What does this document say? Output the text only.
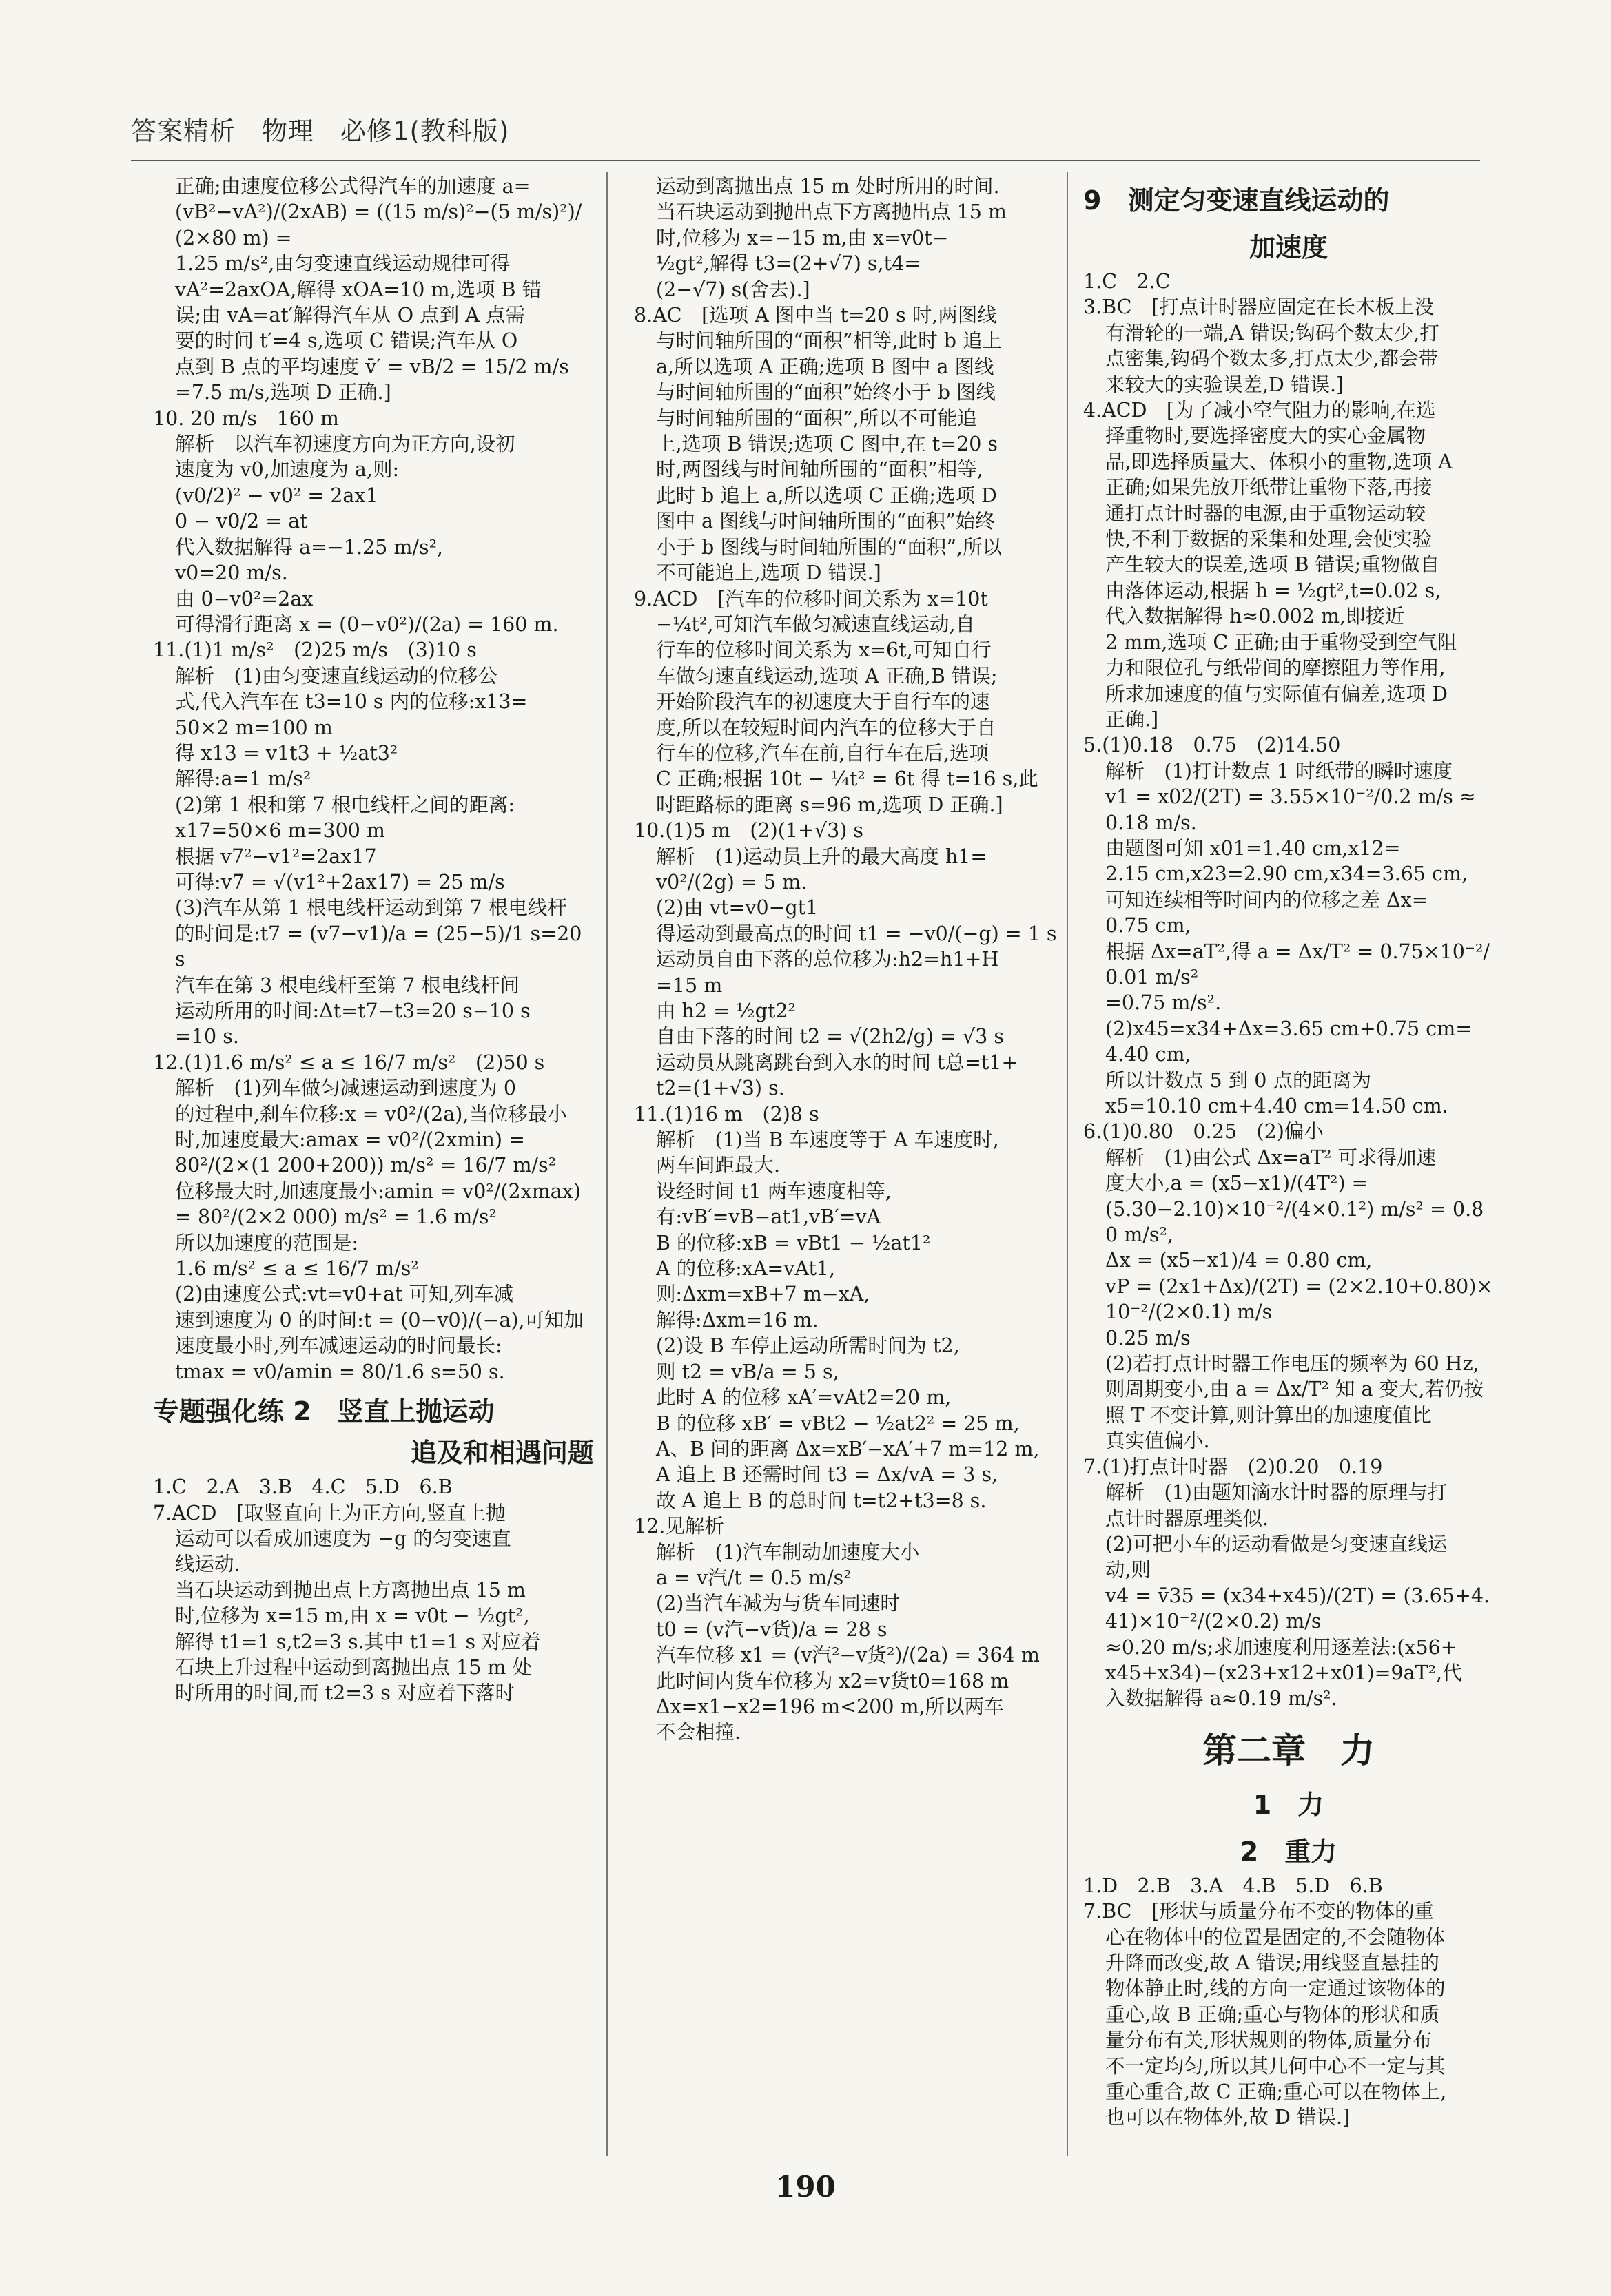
答案精析　物理　必修1(教科版)
正确;由速度位移公式得汽车的加速度 a=
(vB²−vA²)/(2xAB) = ((15 m/s)²−(5 m/s)²)/(2×80 m) =
1.25 m/s²,由匀变速直线运动规律可得
vA²=2axOA,解得 xOA=10 m,选项 B 错
误;由 vA=at′解得汽车从 O 点到 A 点需
要的时间 t′=4 s,选项 C 错误;汽车从 O
点到 B 点的平均速度 v̄′ = vB/2 = 15/2 m/s
=7.5 m/s,选项 D 正确.]
10. 20 m/s　160 m
解析　以汽车初速度方向为正方向,设初
速度为 v0,加速度为 a,则:
(v0/2)² − v0² = 2ax1
0 − v0/2 = at
代入数据解得 a=−1.25 m/s²,
v0=20 m/s.
由 0−v0²=2ax
可得滑行距离 x = (0−v0²)/(2a) = 160 m.
11.(1)1 m/s²　(2)25 m/s　(3)10 s
解析　(1)由匀变速直线运动的位移公
式,代入汽车在 t3=10 s 内的位移:x13=
50×2 m=100 m
得 x13 = v1t3 + ½at3²
解得:a=1 m/s²
(2)第 1 根和第 7 根电线杆之间的距离:
x17=50×6 m=300 m
根据 v7²−v1²=2ax17
可得:v7 = √(v1²+2ax17) = 25 m/s
(3)汽车从第 1 根电线杆运动到第 7 根电线杆
的时间是:t7 = (v7−v1)/a = (25−5)/1 s=20 s
汽车在第 3 根电线杆至第 7 根电线杆间
运动所用的时间:Δt=t7−t3=20 s−10 s
=10 s.
12.(1)1.6 m/s² ≤ a ≤ 16/7 m/s²　(2)50 s
解析　(1)列车做匀减速运动到速度为 0
的过程中,刹车位移:x = v0²/(2a),当位移最小
时,加速度最大:amax = v0²/(2xmin) =
80²/(2×(1 200+200)) m/s² = 16/7 m/s²
位移最大时,加速度最小:amin = v0²/(2xmax)
= 80²/(2×2 000) m/s² = 1.6 m/s²
所以加速度的范围是:
1.6 m/s² ≤ a ≤ 16/7 m/s²
(2)由速度公式:vt=v0+at 可知,列车减
速到速度为 0 的时间:t = (0−v0)/(−a),可知加
速度最小时,列车减速运动的时间最长:
tmax = v0/amin = 80/1.6 s=50 s.
专题强化练 2　竖直上抛运动
追及和相遇问题
1.C　2.A　3.B　4.C　5.D　6.B
7.ACD　[取竖直向上为正方向,竖直上抛
运动可以看成加速度为 −g 的匀变速直
线运动.
当石块运动到抛出点上方离抛出点 15 m
时,位移为 x=15 m,由 x = v0t − ½gt²,
解得 t1=1 s,t2=3 s.其中 t1=1 s 对应着
石块上升过程中运动到离抛出点 15 m 处
时所用的时间,而 t2=3 s 对应着下落时
运动到离抛出点 15 m 处时所用的时间.
当石块运动到抛出点下方离抛出点 15 m
时,位移为 x=−15 m,由 x=v0t−
½gt²,解得 t3=(2+√7) s,t4=
(2−√7) s(舍去).]
8.AC　[选项 A 图中当 t=20 s 时,两图线
与时间轴所围的“面积”相等,此时 b 追上
a,所以选项 A 正确;选项 B 图中 a 图线
与时间轴所围的“面积”始终小于 b 图线
与时间轴所围的“面积”,所以不可能追
上,选项 B 错误;选项 C 图中,在 t=20 s
时,两图线与时间轴所围的“面积”相等,
此时 b 追上 a,所以选项 C 正确;选项 D
图中 a 图线与时间轴所围的“面积”始终
小于 b 图线与时间轴所围的“面积”,所以
不可能追上,选项 D 错误.]
9.ACD　[汽车的位移时间关系为 x=10t
−¼t²,可知汽车做匀减速直线运动,自
行车的位移时间关系为 x=6t,可知自行
车做匀速直线运动,选项 A 正确,B 错误;
开始阶段汽车的初速度大于自行车的速
度,所以在较短时间内汽车的位移大于自
行车的位移,汽车在前,自行车在后,选项
C 正确;根据 10t − ¼t² = 6t 得 t=16 s,此
时距路标的距离 s=96 m,选项 D 正确.]
10.(1)5 m　(2)(1+√3) s
解析　(1)运动员上升的最大高度 h1=
v0²/(2g) = 5 m.
(2)由 vt=v0−gt1
得运动到最高点的时间 t1 = −v0/(−g) = 1 s
运动员自由下落的总位移为:h2=h1+H
=15 m
由 h2 = ½gt2²
自由下落的时间 t2 = √(2h2/g) = √3 s
运动员从跳离跳台到入水的时间 t总=t1+
t2=(1+√3) s.
11.(1)16 m　(2)8 s
解析　(1)当 B 车速度等于 A 车速度时,
两车间距最大.
设经时间 t1 两车速度相等,
有:vB′=vB−at1,vB′=vA
B 的位移:xB = vBt1 − ½at1²
A 的位移:xA=vAt1,
则:Δxm=xB+7 m−xA,
解得:Δxm=16 m.
(2)设 B 车停止运动所需时间为 t2,
则 t2 = vB/a = 5 s,
此时 A 的位移 xA′=vAt2=20 m,
B 的位移 xB′ = vBt2 − ½at2² = 25 m,
A、B 间的距离 Δx=xB′−xA′+7 m=12 m,
A 追上 B 还需时间 t3 = Δx/vA = 3 s,
故 A 追上 B 的总时间 t=t2+t3=8 s.
12.见解析
解析　(1)汽车制动加速度大小
a = v汽/t = 0.5 m/s²
(2)当汽车减为与货车同速时
t0 = (v汽−v货)/a = 28 s
汽车位移 x1 = (v汽²−v货²)/(2a) = 364 m
此时间内货车位移为 x2=v货t0=168 m
Δx=x1−x2=196 m<200 m,所以两车
不会相撞.
9　测定匀变速直线运动的
加速度
1.C　2.C
3.BC　[打点计时器应固定在长木板上没
有滑轮的一端,A 错误;钩码个数太少,打
点密集,钩码个数太多,打点太少,都会带
来较大的实验误差,D 错误.]
4.ACD　[为了减小空气阻力的影响,在选
择重物时,要选择密度大的实心金属物
品,即选择质量大、体积小的重物,选项 A
正确;如果先放开纸带让重物下落,再接
通打点计时器的电源,由于重物运动较
快,不利于数据的采集和处理,会使实验
产生较大的误差,选项 B 错误;重物做自
由落体运动,根据 h = ½gt²,t=0.02 s,
代入数据解得 h≈0.002 m,即接近
2 mm,选项 C 正确;由于重物受到空气阻
力和限位孔与纸带间的摩擦阻力等作用,
所求加速度的值与实际值有偏差,选项 D
正确.]
5.(1)0.18　0.75　(2)14.50
解析　(1)打计数点 1 时纸带的瞬时速度
v1 = x02/(2T) = 3.55×10⁻²/0.2 m/s ≈ 0.18 m/s.
由题图可知 x01=1.40 cm,x12=
2.15 cm,x23=2.90 cm,x34=3.65 cm,
可知连续相等时间内的位移之差 Δx=
0.75 cm,
根据 Δx=aT²,得 a = Δx/T² = 0.75×10⁻²/0.01 m/s²
=0.75 m/s².
(2)x45=x34+Δx=3.65 cm+0.75 cm=
4.40 cm,
所以计数点 5 到 0 点的距离为
x5=10.10 cm+4.40 cm=14.50 cm.
6.(1)0.80　0.25　(2)偏小
解析　(1)由公式 Δx=aT² 可求得加速
度大小,a = (x5−x1)/(4T²) =
(5.30−2.10)×10⁻²/(4×0.1²) m/s² = 0.80 m/s²,
Δx = (x5−x1)/4 = 0.80 cm,
vP = (2x1+Δx)/(2T) = (2×2.10+0.80)×10⁻²/(2×0.1) m/s
0.25 m/s
(2)若打点计时器工作电压的频率为 60 Hz,
则周期变小,由 a = Δx/T² 知 a 变大,若仍按
照 T 不变计算,则计算出的加速度值比
真实值偏小.
7.(1)打点计时器　(2)0.20　0.19
解析　(1)由题知滴水计时器的原理与打
点计时器原理类似.
(2)可把小车的运动看做是匀变速直线运
动,则
v4 = v̄35 = (x34+x45)/(2T) = (3.65+4.41)×10⁻²/(2×0.2) m/s
≈0.20 m/s;求加速度利用逐差法:(x56+
x45+x34)−(x23+x12+x01)=9aT²,代
入数据解得 a≈0.19 m/s².
第二章　力
1　力
2　重力
1.D　2.B　3.A　4.B　5.D　6.B
7.BC　[形状与质量分布不变的物体的重
心在物体中的位置是固定的,不会随物体
升降而改变,故 A 错误;用线竖直悬挂的
物体静止时,线的方向一定通过该物体的
重心,故 B 正确;重心与物体的形状和质
量分布有关,形状规则的物体,质量分布
不一定均匀,所以其几何中心不一定与其
重心重合,故 C 正确;重心可以在物体上,
也可以在物体外,故 D 错误.]
190
